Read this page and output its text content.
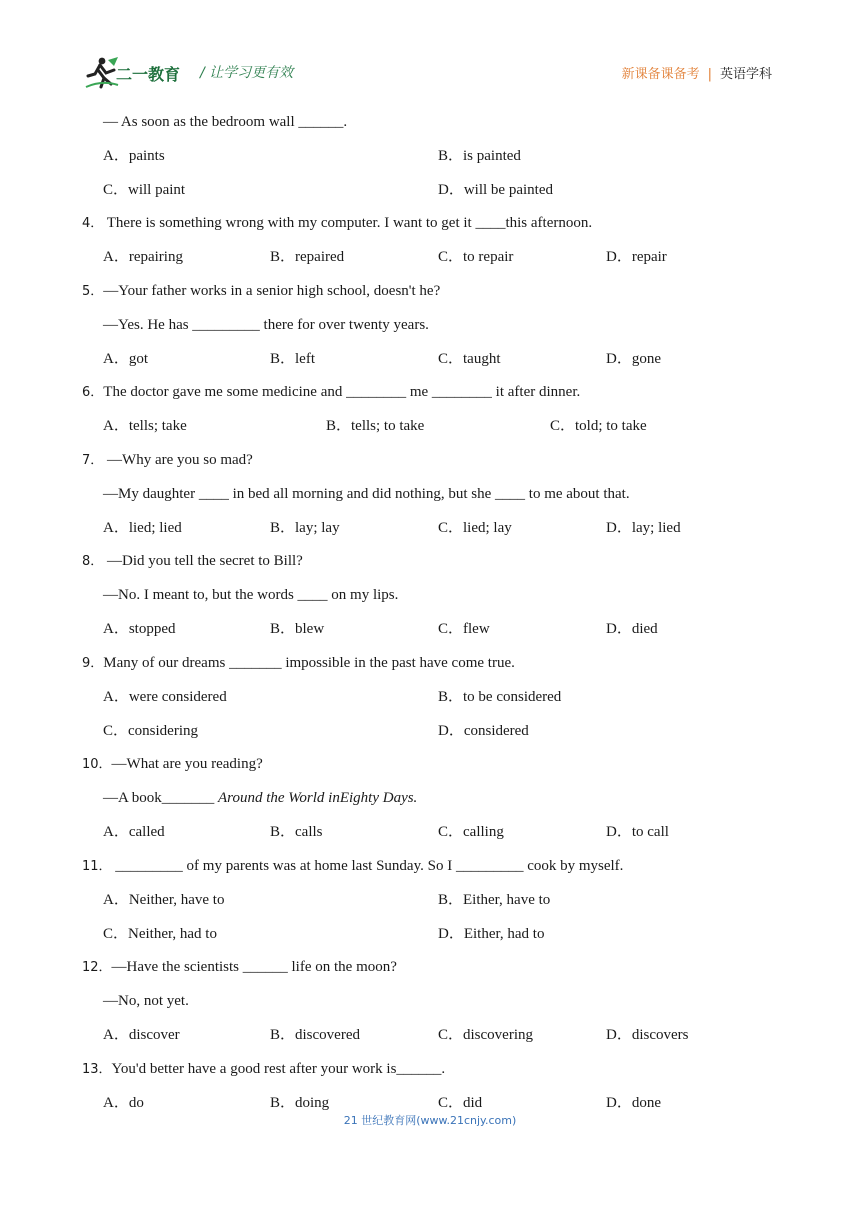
二一教育 / 让学习更有效	新课备课备考 | 英语学科
— As soon as the bedroom wall ______.
A．paints	B．is painted
C．will paint	D．will be painted
4． There is something wrong with my computer. I want to get it ____this afternoon.
A．repairing	B．repaired	C．to repair	D．repair
5．—Your father works in a senior high school, doesn't he?
—Yes. He has _________ there for over twenty years.
A．got	B．left	C．taught	D．gone
6．The doctor gave me some medicine and ________ me ________ it after dinner.
A．tells; take	B．tells; to take	C．told; to take
7． —Why are you so mad?
—My daughter ____ in bed all morning and did nothing, but she ____ to me about that.
A．lied; lied	B．lay; lay	C．lied; lay	D．lay; lied
8． —Did you tell the secret to Bill?
—No. I meant to, but the words ____ on my lips.
A．stopped	B．blew	C．flew	D．died
9．Many of our dreams _______ impossible in the past have come true.
A．were considered	B．to be considered
C．considering	D．considered
10．—What are you reading?
—A book_______ Around the World inEighty Days.
A．called	B．calls	C．calling	D．to call
11． _________ of my parents was at home last Sunday. So I _________ cook by myself.
A．Neither, have to	B．Either, have to
C．Neither, had to	D．Either, had to
12．—Have the scientists ______ life on the moon?
—No, not yet.
A．discover	B．discovered	C．discovering	D．discovers
13．You'd better have a good rest after your work is______.
A．do	B．doing	C．did	D．done
21 世纪教育网(www.21cnjy.com)
